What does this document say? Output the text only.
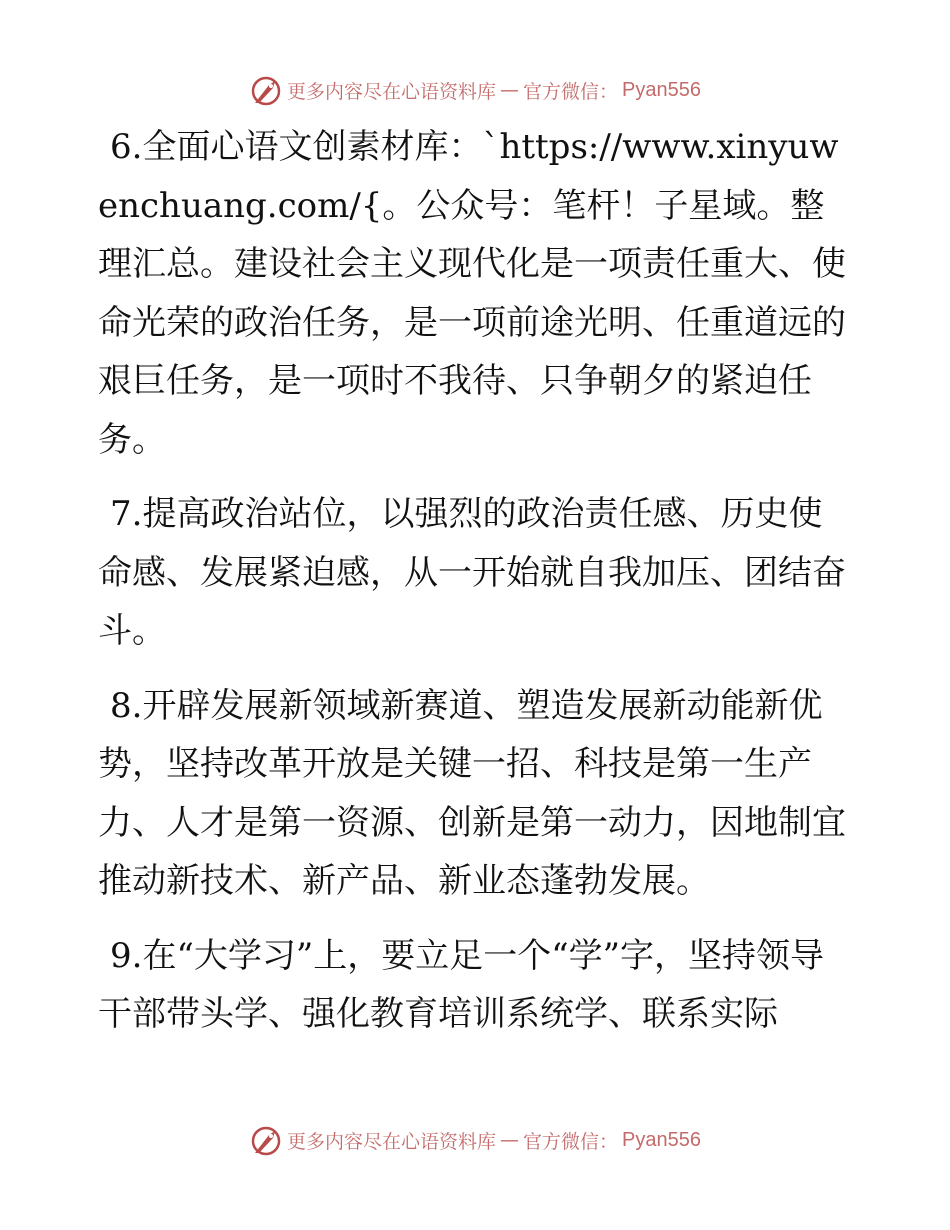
更多内容尽在心语资料库 — 官方微信： Pyan556

6.全面心语文创素材库：`https://www.xinyuwenchuang.com/{。公众号：笔杆！子星域。整理汇总。建设社会主义现代化是一项责任重大、使命光荣的政治任务，是一项前途光明、任重道远的艰巨任务，是一项时不我待、只争朝夕的紧迫任务。

7.提高政治站位，以强烈的政治责任感、历史使命感、发展紧迫感，从一开始就自我加压、团结奋斗。

8.开辟发展新领域新赛道、塑造发展新动能新优势，坚持改革开放是关键一招、科技是第一生产力、人才是第一资源、创新是第一动力，因地制宜推动新技术、新产品、新业态蓬勃发展。

9.在“大学习”上，要立足一个“学”字，坚持领导干部带头学、强化教育培训系统学、联系实际

更多内容尽在心语资料库 — 官方微信： Pyan556
